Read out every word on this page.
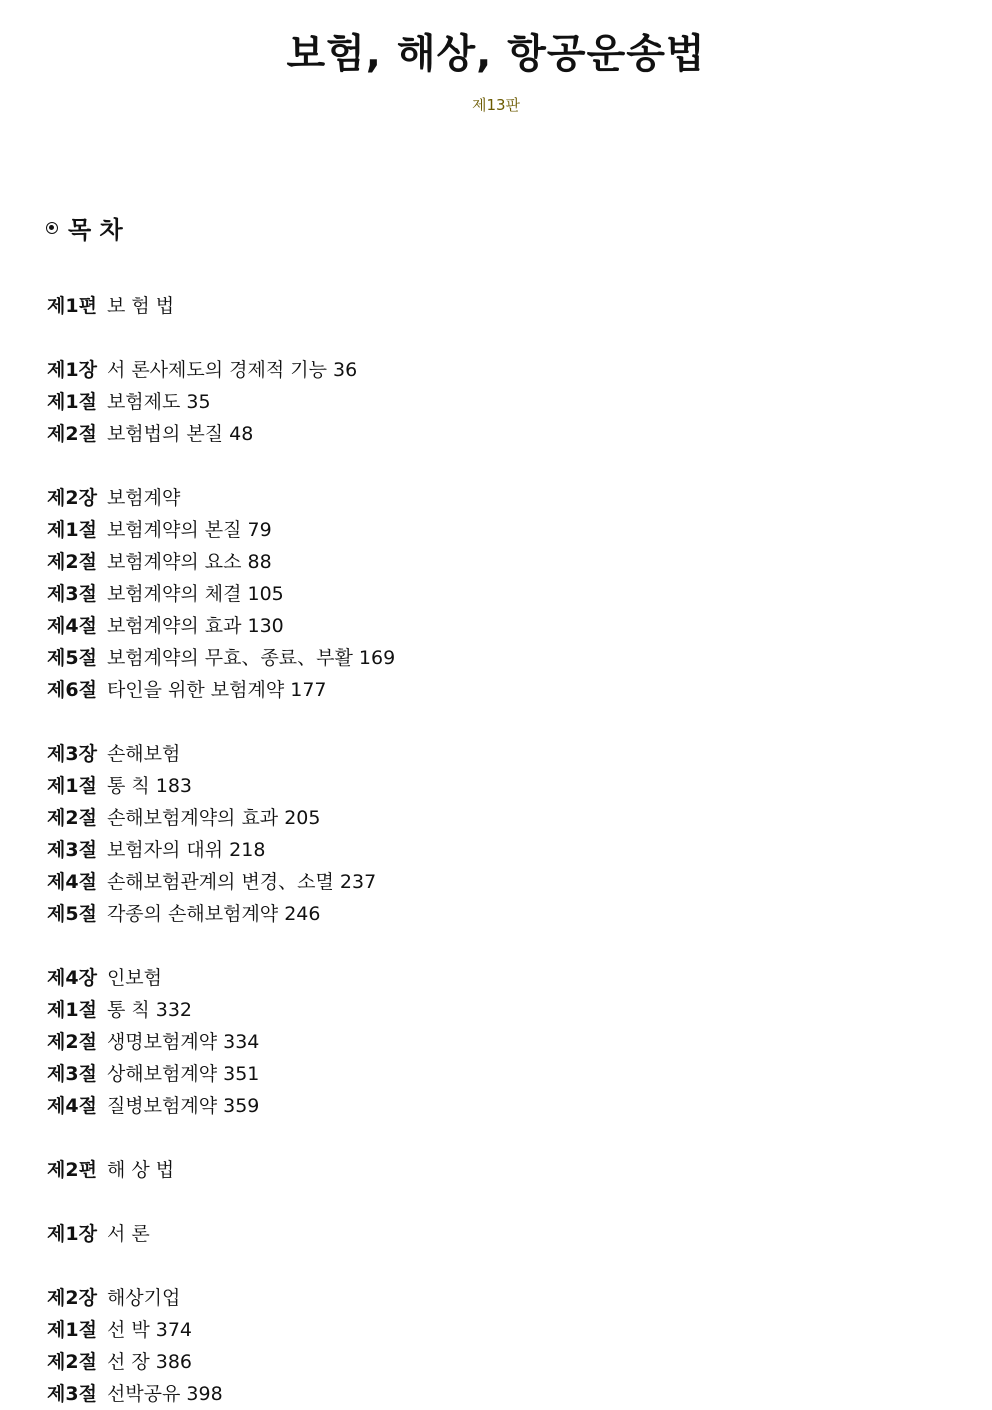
보험, 해상, 항공운송법
제13판
목 차
제1편 보 험 법
제1장 서 론사제도의 경제적 기능 36
제1절 보험제도 35
제2절 보험법의 본질 48
제2장 보험계약
제1절 보험계약의 본질 79
제2절 보험계약의 요소 88
제3절 보험계약의 체결 105
제4절 보험계약의 효과 130
제5절 보험계약의 무효、종료、부활 169
제6절 타인을 위한 보험계약 177
제3장 손해보험
제1절 통 칙 183
제2절 손해보험계약의 효과 205
제3절 보험자의 대위 218
제4절 손해보험관계의 변경、소멸 237
제5절 각종의 손해보험계약 246
제4장 인보험
제1절 통 칙 332
제2절 생명보험계약 334
제3절 상해보험계약 351
제4절 질병보험계약 359
제2편 해 상 법
제1장 서 론
제2장 해상기업
제1절 선 박 374
제2절 선 장 386
제3절 선박공유 398
